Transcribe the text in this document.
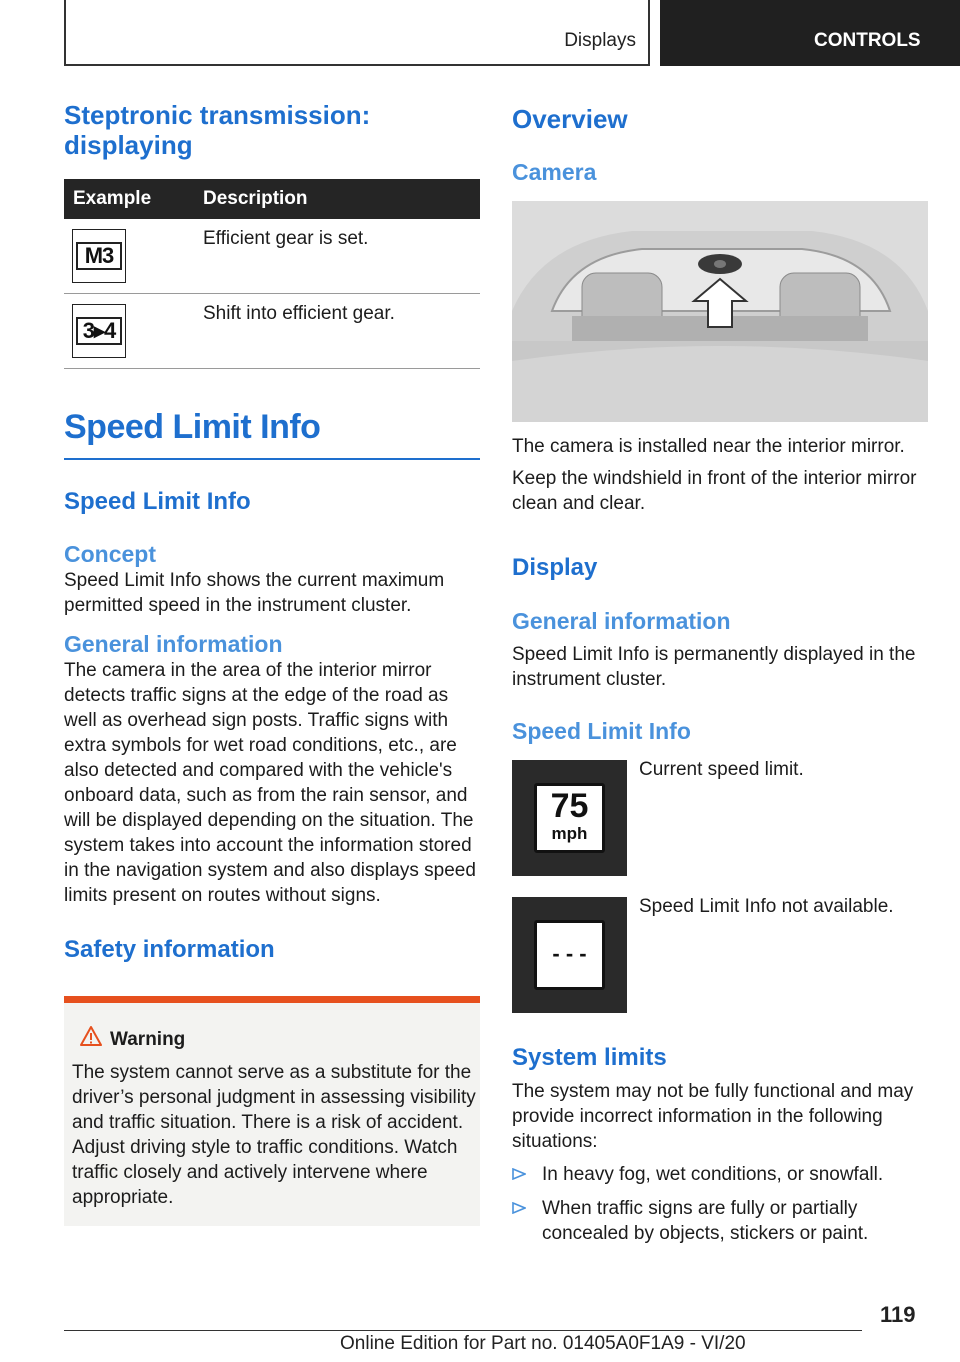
Displays	CONTROLS
Steptronic transmission: displaying
Example	Description
M3
Efficient gear is set.
3▸4
Shift into efficient gear.
Speed Limit Info
Speed Limit Info
Concept

Speed Limit Info shows the current maximum permitted speed in the instrument cluster.

General information

The camera in the area of the interior mirror detects traffic signs at the edge of the road as well as overhead sign posts. Traffic signs with extra symbols for wet road conditions, etc., are also detected and compared with the vehicle's onboard data, such as from the rain sensor, and will be displayed depending on the situation. The system takes into account the information stored in the navigation system and also displays speed limits present on routes without signs.

Safety information
Warning

The system cannot serve as a substitute for the driver’s personal judgment in assessing visibility and traffic situation. There is a risk of accident. Adjust driving style to traffic conditions. Watch traffic closely and actively intervene where appropriate.

Overview
Camera

The camera is installed near the interior mirror.

Keep the windshield in front of the interior mirror clean and clear.

Display
General information

Speed Limit Info is permanently displayed in the instrument cluster.

Speed Limit Info
75
mph

Current speed limit.

- - -

Speed Limit Info not available.

System limits

The system may not be fully functional and may provide incorrect information in the following situations:

In heavy fog, wet conditions, or snowfall.
When traffic signs are fully or partially concealed by objects, stickers or paint.
119
Online Edition for Part no. 01405A0F1A9 - VI/20
